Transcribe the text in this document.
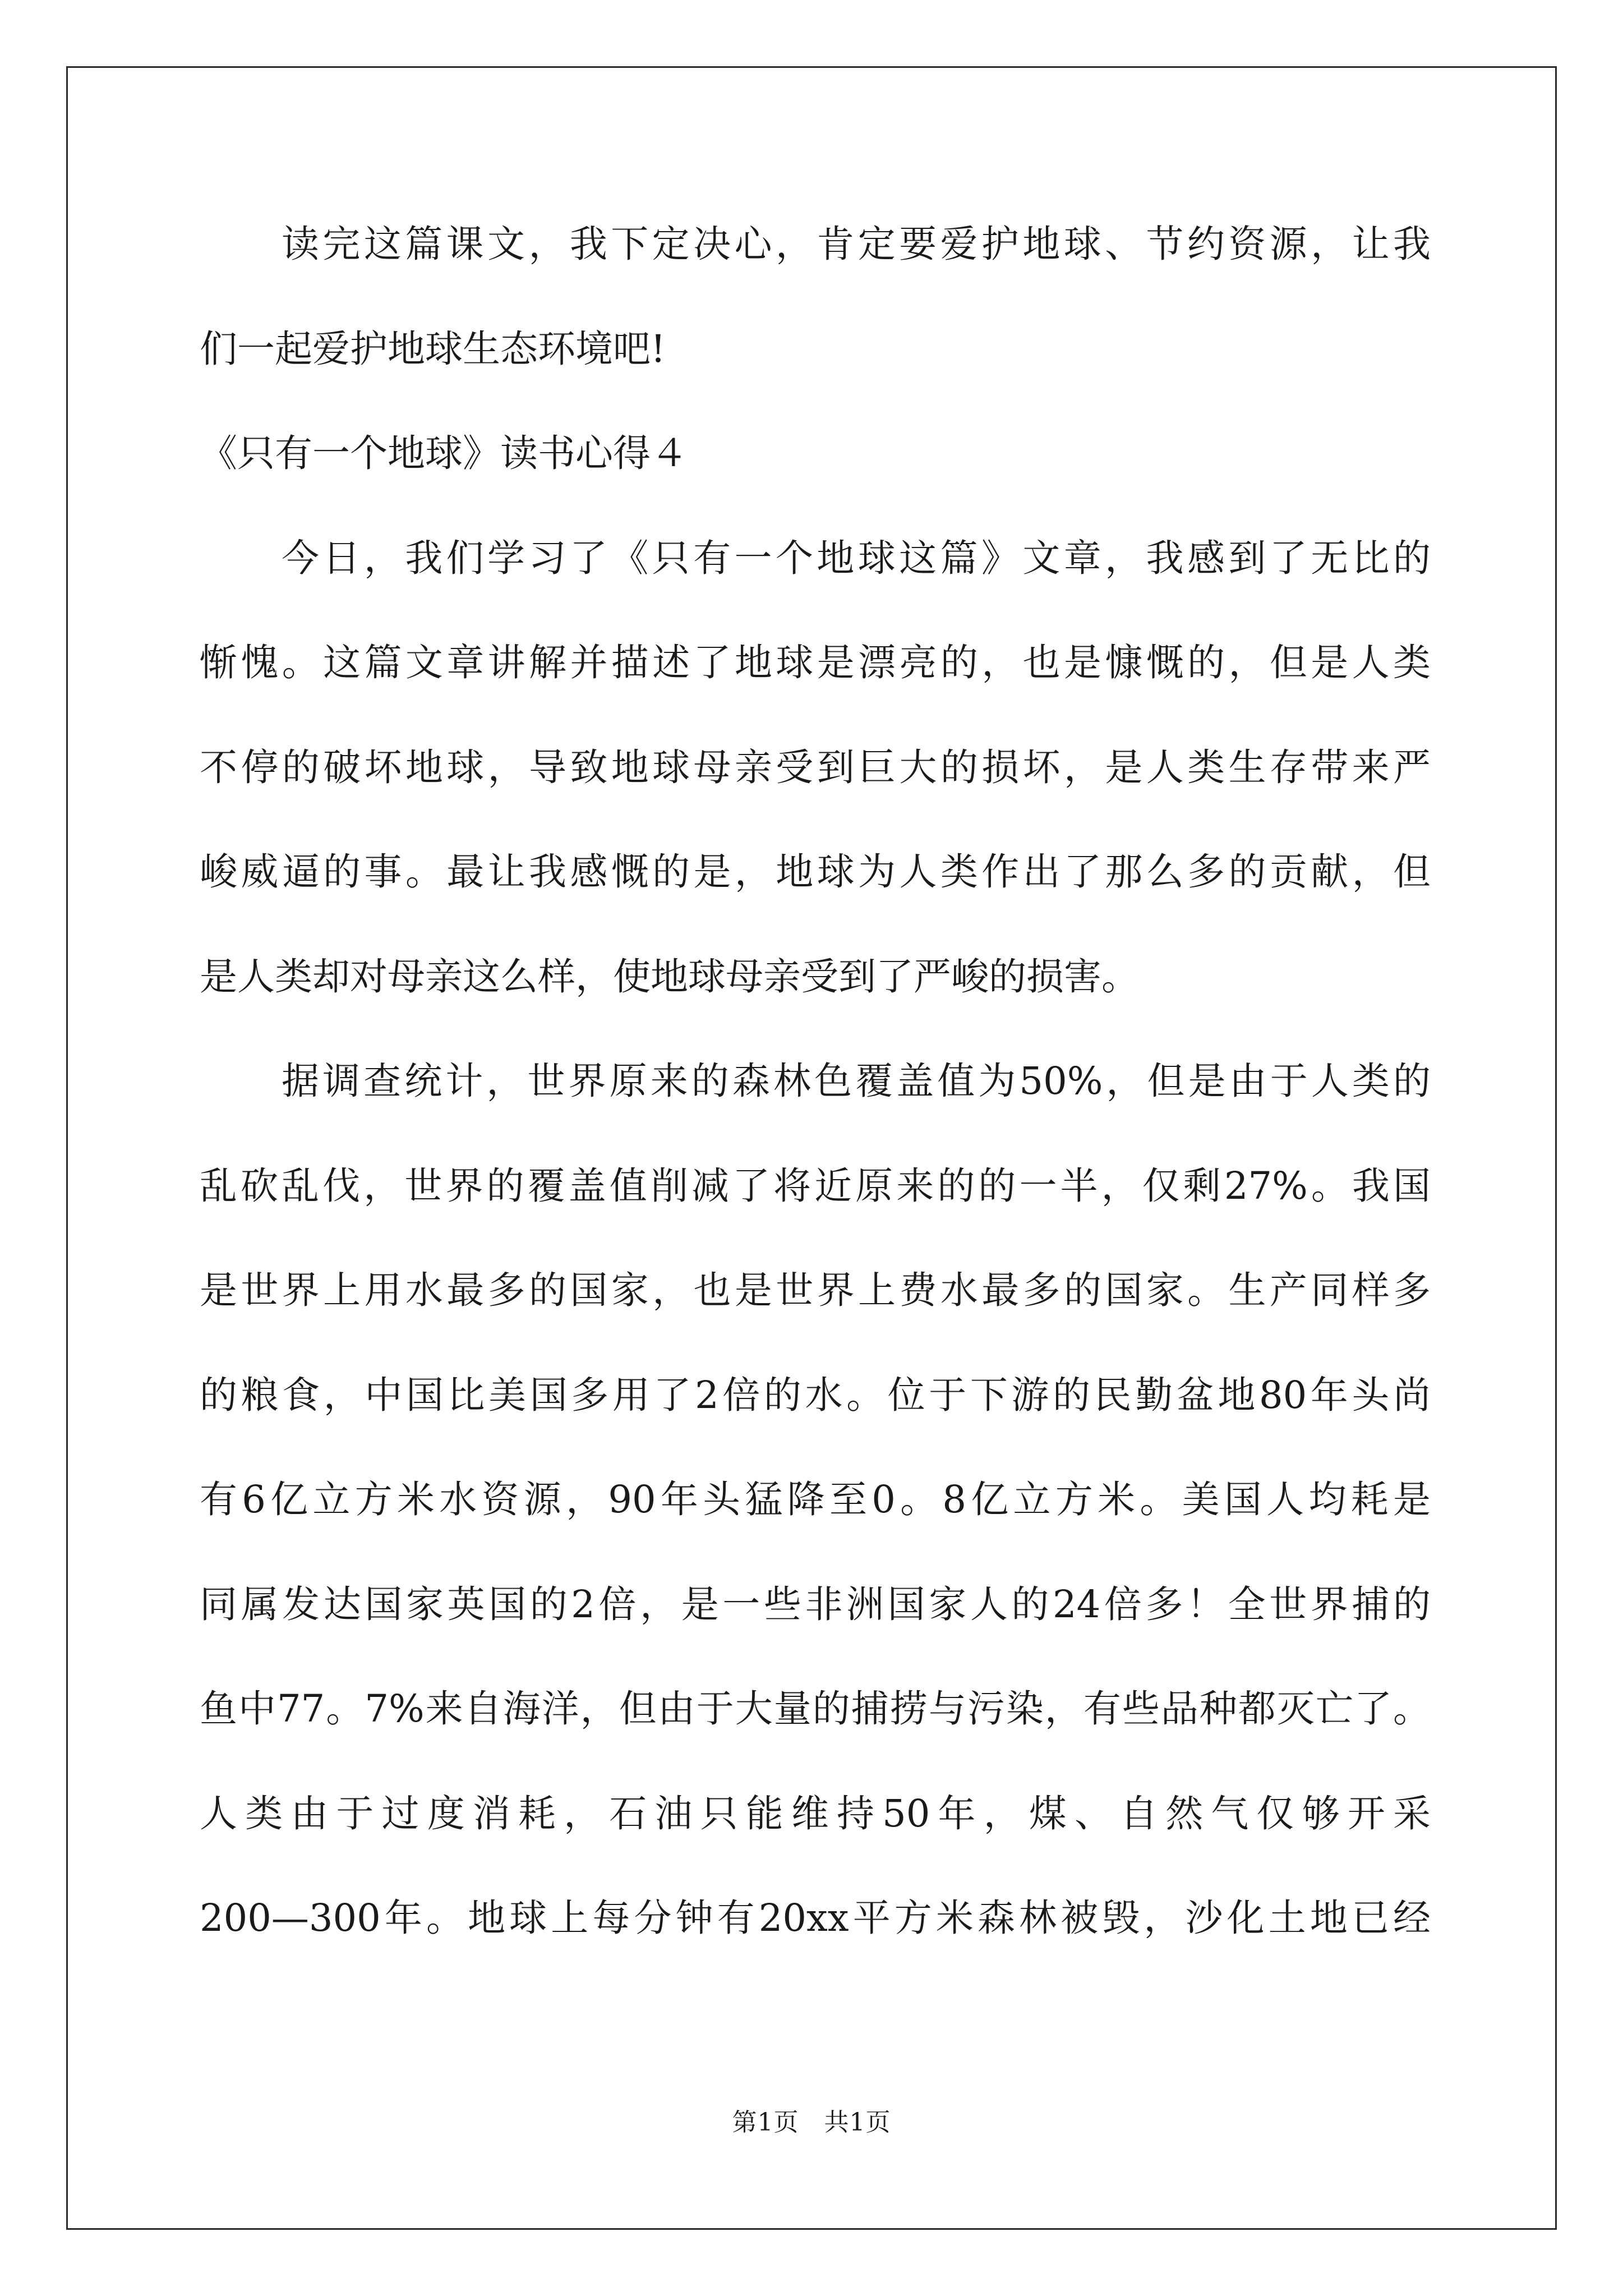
读完这篇课文，我下定决心，肯定要爱护地球、节约资源，让我
们一起爱护地球生态环境吧!
《只有一个地球》读书心得４
今日，我们学习了《只有一个地球这篇》文章，我感到了无比的
惭愧。这篇文章讲解并描述了地球是漂亮的，也是慷慨的，但是人类
不停的破坏地球，导致地球母亲受到巨大的损坏，是人类生存带来严
峻威逼的事。最让我感慨的是，地球为人类作出了那么多的贡献，但
是人类却对母亲这么样，使地球母亲受到了严峻的损害。
据调查统计，世界原来的森林色覆盖值为50%，但是由于人类的
乱砍乱伐，世界的覆盖值削减了将近原来的的一半，仅剩27%。我国
是世界上用水最多的国家，也是世界上费水最多的国家。生产同样多
的粮食，中国比美国多用了2倍的水。位于下游的民勤盆地80年头尚
有6亿立方米水资源，90年头猛降至0。8亿立方米。美国人均耗是
同属发达国家英国的2倍，是一些非洲国家人的24倍多！全世界捕的
鱼中77。7%来自海洋，但由于大量的捕捞与污染，有些品种都灭亡了。
人类由于过度消耗，石油只能维持50年，煤、自然气仅够开采
200—300年。地球上每分钟有20xx平方米森林被毁，沙化土地已经
第1页　共1页
